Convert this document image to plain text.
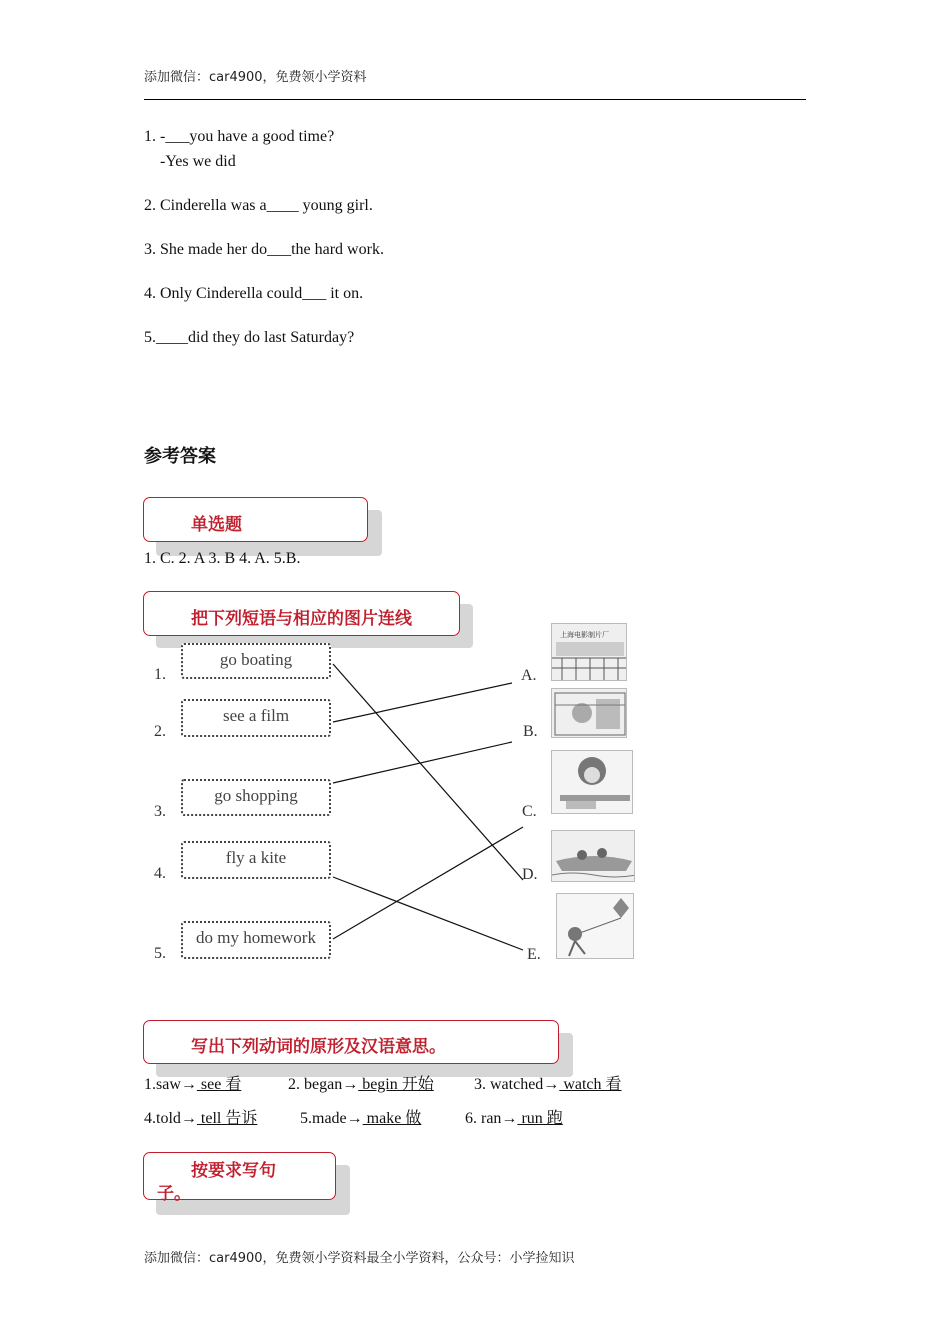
添加微信：car4900，免费领小学资料
1. -___you have a good time?
-Yes we did
2. Cinderella was a____ young girl.
3. She made her do___the hard work.
4. Only Cinderella could___ it on.
5.____did they do last Saturday?
参考答案
单选题
1. C. 2. A 3. B 4. A. 5.B.
把下列短语与相应的图片连线
1.
2.
3.
4.
5.
go boating
see a film
go shopping
fly a kite
do my homework
A.
B.
C.
D.
E.
上海电影制片厂
写出下列动词的原形及汉语意思。
1.saw→ see 看	2. began→ begin 开始	3. watched→ watch 看
4.told→ tell 告诉	5.made→ make 做	6. ran→ run 跑
按要求写句
子。
添加微信：car4900，免费领小学资料最全小学资料，公众号：小学捡知识
